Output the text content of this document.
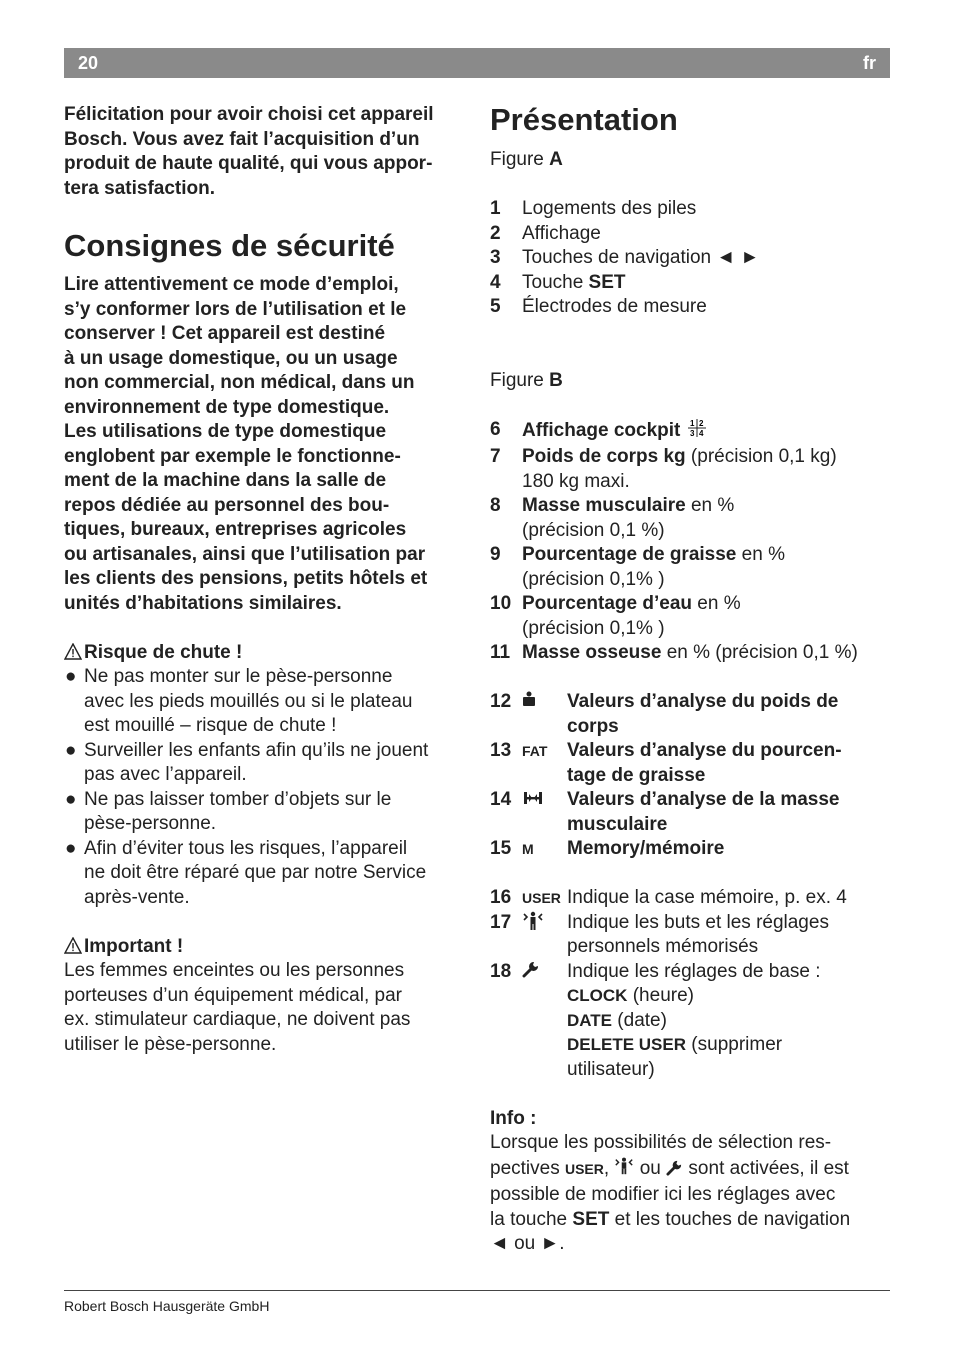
20	fr

Félicitation pour avoir choisi cet appareil
Bosch. Vous avez fait l’acquisition d’un
produit de haute qualité, qui vous appor-
tera satisfaction.

Consignes de sécurité

Lire attentivement ce mode d’emploi,
s’y conformer lors de l’utilisation et le
conserver ! Cet appareil est destiné
à un usage domestique, ou un usage
non commercial, non médical, dans un
environnement de type domestique.
Les utilisations de type domestique
englobent par exemple le fonctionne-
ment de la machine dans la salle de
repos dédiée au personnel des bou-
tiques, bureaux, entreprises agricoles
ou artisanales, ainsi que l’utilisation par
les clients des pensions, petits hôtels et
unités d’habitations similaires.

Risque de chute !

● Ne pas monter sur le pèse-personne
avec les pieds mouillés ou si le plateau
est mouillé – risque de chute !
● Surveiller les enfants afin qu’ils ne jouent
pas avec l’appareil.
● Ne pas laisser tomber d’objets sur le
pèse-personne.
● Afin d’éviter tous les risques, l’appareil
ne doit être réparé que par notre Service
après-vente.

Important !

Les femmes enceintes ou les personnes
porteuses d’un équipement médical, par
ex. stimulateur cardiaque, ne doivent pas
utiliser le pèse-personne.

Présentation

Figure A

1 Logements des piles
2 Affichage
3 Touches de navigation ◄ ►
4 Touche SET
5 Électrodes de mesure

Figure B

6 Affichage cockpit 1 2
3 4
7 Poids de corps kg (précision 0,1 kg)
180 kg maxi.
8 Masse musculaire en %
(précision 0,1 %)
9 Pourcentage de graisse en %
(précision 0,1% )
10 Pourcentage d’eau en %
(précision 0,1% )
11 Masse osseuse en % (précision 0,1 %)
12	Valeurs d’analyse du poids de
corps
13 FAT Valeurs d’analyse du pourcen-
tage de graisse
14	Valeurs d’analyse de la masse
musculaire
15 M Memory/mémoire
16 USER Indique la case mémoire, p. ex. 4
17	Indique les buts et les réglages
personnels mémorisés
18	Indique les réglages de base :
CLOCK (heure)
DATE (date)
DELETE USER (supprimer
utilisateur)

Info :

Lorsque les possibilités de sélection res-
pectives USER,  ou  sont activées, il est
possible de modifier ici les réglages avec
la touche SET et les touches de navigation
◄ ou ►.

Robert Bosch Hausgeräte GmbH
